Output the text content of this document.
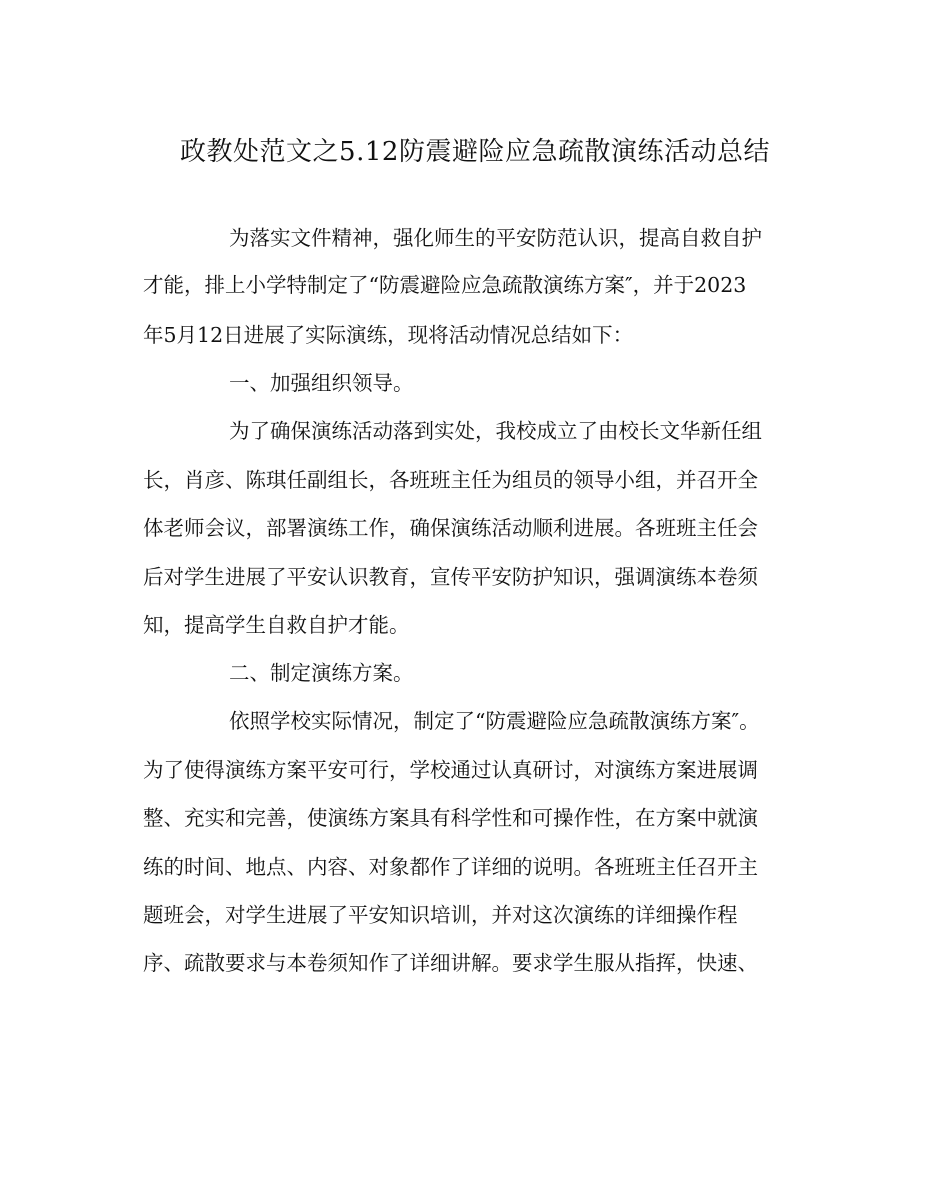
政教处范文之5.12防震避险应急疏散演练活动总结

为落实文件精神，强化师生的平安防范认识，提高自救自护

才能，排上小学特制定了“防震避险应急疏散演练方案″，并于2023

年5月12日进展了实际演练，现将活动情况总结如下：

一、加强组织领导。

为了确保演练活动落到实处，我校成立了由校长文华新任组

长，肖彦、陈琪任副组长，各班班主任为组员的领导小组，并召开全

体老师会议，部署演练工作，确保演练活动顺利进展。各班班主任会

后对学生进展了平安认识教育，宣传平安防护知识，强调演练本卷须

知，提高学生自救自护才能。

二、制定演练方案。

依照学校实际情况，制定了“防震避险应急疏散演练方案″。

为了使得演练方案平安可行，学校通过认真研讨，对演练方案进展调

整、充实和完善，使演练方案具有科学性和可操作性，在方案中就演

练的时间、地点、内容、对象都作了详细的说明。各班班主任召开主

题班会，对学生进展了平安知识培训，并对这次演练的详细操作程

序、疏散要求与本卷须知作了详细讲解。要求学生服从指挥，快速、
